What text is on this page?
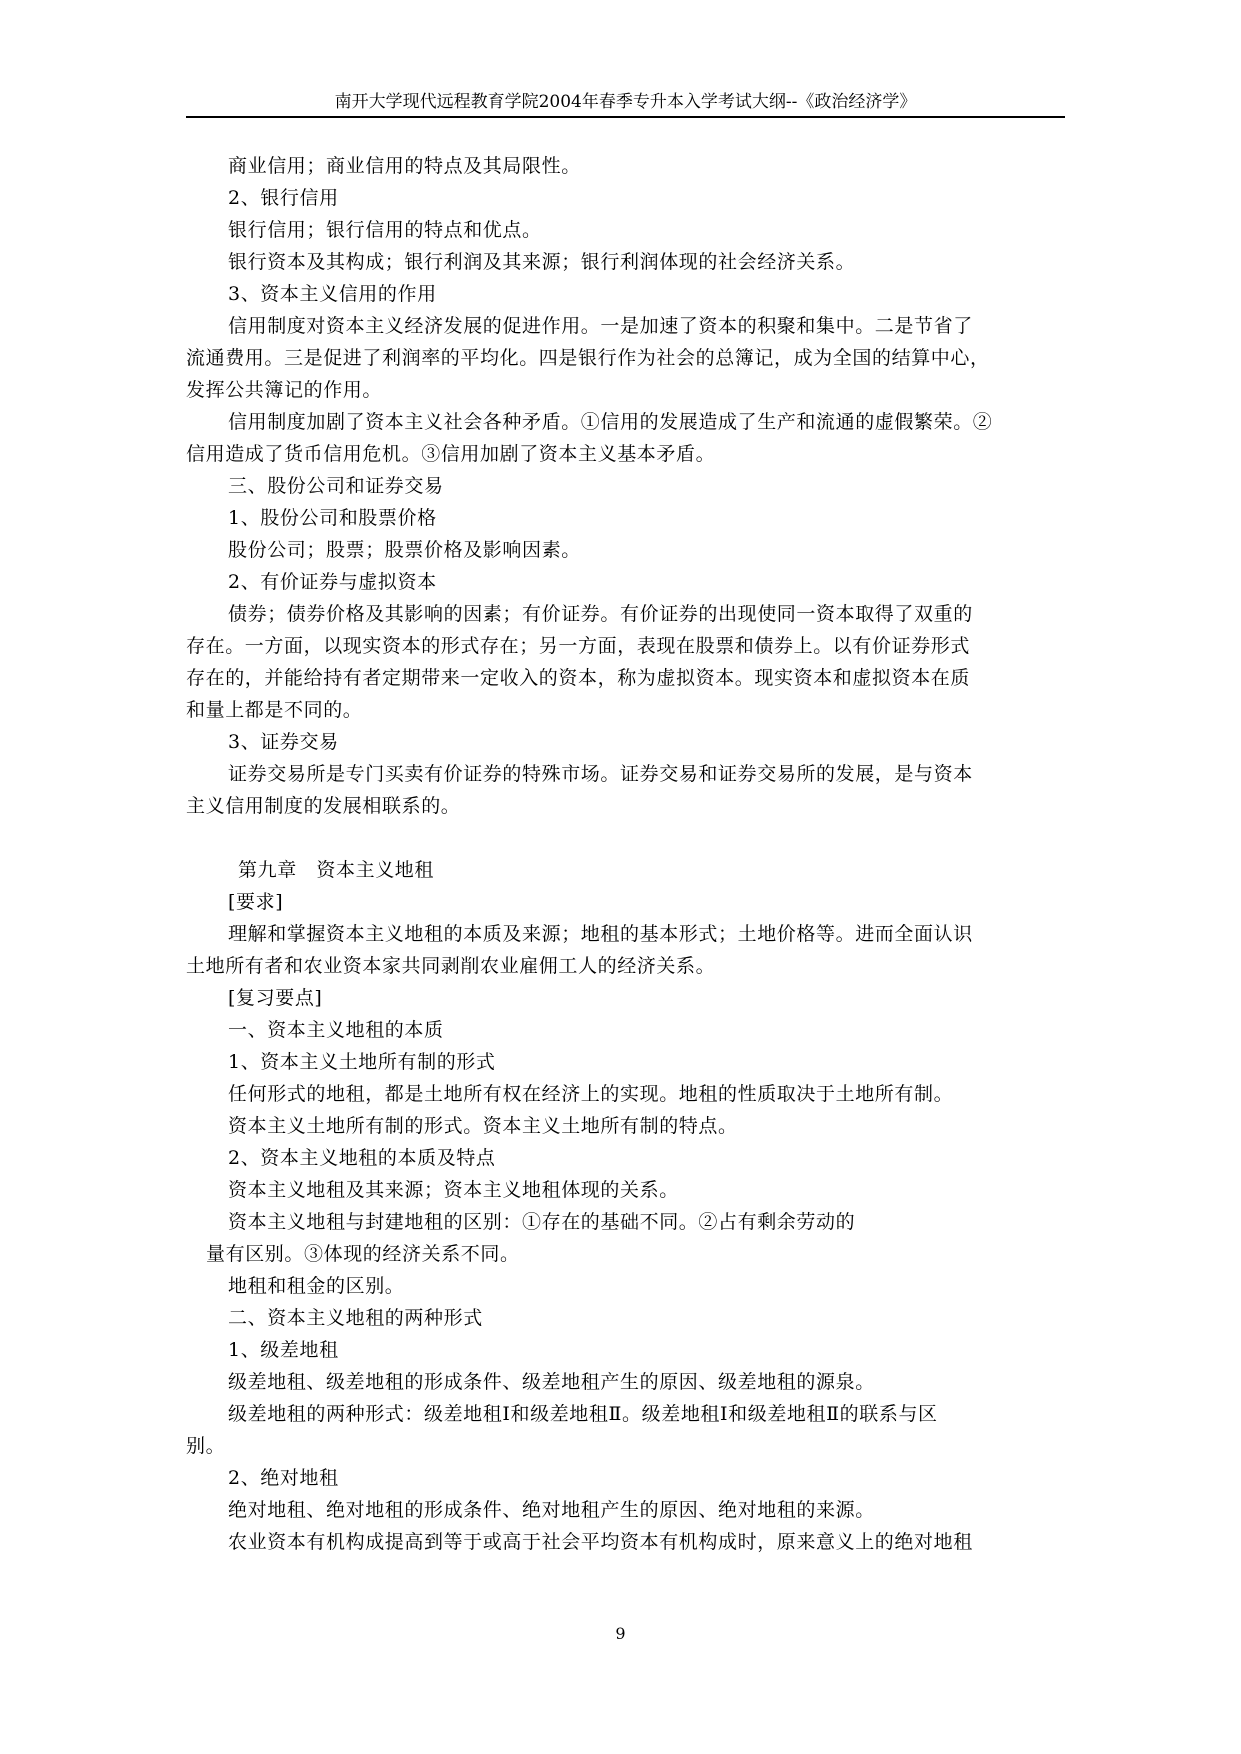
南开大学现代远程教育学院2004年春季专升本入学考试大纲--《政治经济学》
商业信用；商业信用的特点及其局限性。
2、银行信用
银行信用；银行信用的特点和优点。
银行资本及其构成；银行利润及其来源；银行利润体现的社会经济关系。
3、资本主义信用的作用
信用制度对资本主义经济发展的促进作用。一是加速了资本的积聚和集中。二是节省了
流通费用。三是促进了利润率的平均化。四是银行作为社会的总簿记，成为全国的结算中心，
发挥公共簿记的作用。
信用制度加剧了资本主义社会各种矛盾。①信用的发展造成了生产和流通的虚假繁荣。②
信用造成了货币信用危机。③信用加剧了资本主义基本矛盾。
三、股份公司和证券交易
1、股份公司和股票价格
股份公司；股票；股票价格及影响因素。
2、有价证券与虚拟资本
债券；债券价格及其影响的因素；有价证券。有价证券的出现使同一资本取得了双重的
存在。一方面，以现实资本的形式存在；另一方面，表现在股票和债券上。以有价证券形式
存在的，并能给持有者定期带来一定收入的资本，称为虚拟资本。现实资本和虚拟资本在质
和量上都是不同的。
3、证券交易
证券交易所是专门买卖有价证券的特殊市场。证券交易和证券交易所的发展，是与资本
主义信用制度的发展相联系的。
第九章　资本主义地租
[要求]
理解和掌握资本主义地租的本质及来源；地租的基本形式；土地价格等。进而全面认识
土地所有者和农业资本家共同剥削农业雇佣工人的经济关系。
[复习要点]
一、资本主义地租的本质
1、资本主义土地所有制的形式
任何形式的地租，都是土地所有权在经济上的实现。地租的性质取决于土地所有制。
资本主义土地所有制的形式。资本主义土地所有制的特点。
2、资本主义地租的本质及特点
资本主义地租及其来源；资本主义地租体现的关系。
资本主义地租与封建地租的区别：①存在的基础不同。②占有剩余劳动的
量有区别。③体现的经济关系不同。
地租和租金的区别。
二、资本主义地租的两种形式
1、级差地租
级差地租、级差地租的形成条件、级差地租产生的原因、级差地租的源泉。
级差地租的两种形式：级差地租Ⅰ和级差地租Ⅱ。级差地租Ⅰ和级差地租Ⅱ的联系与区
别。
2、绝对地租
绝对地租、绝对地租的形成条件、绝对地租产生的原因、绝对地租的来源。
农业资本有机构成提高到等于或高于社会平均资本有机构成时，原来意义上的绝对地租
9
